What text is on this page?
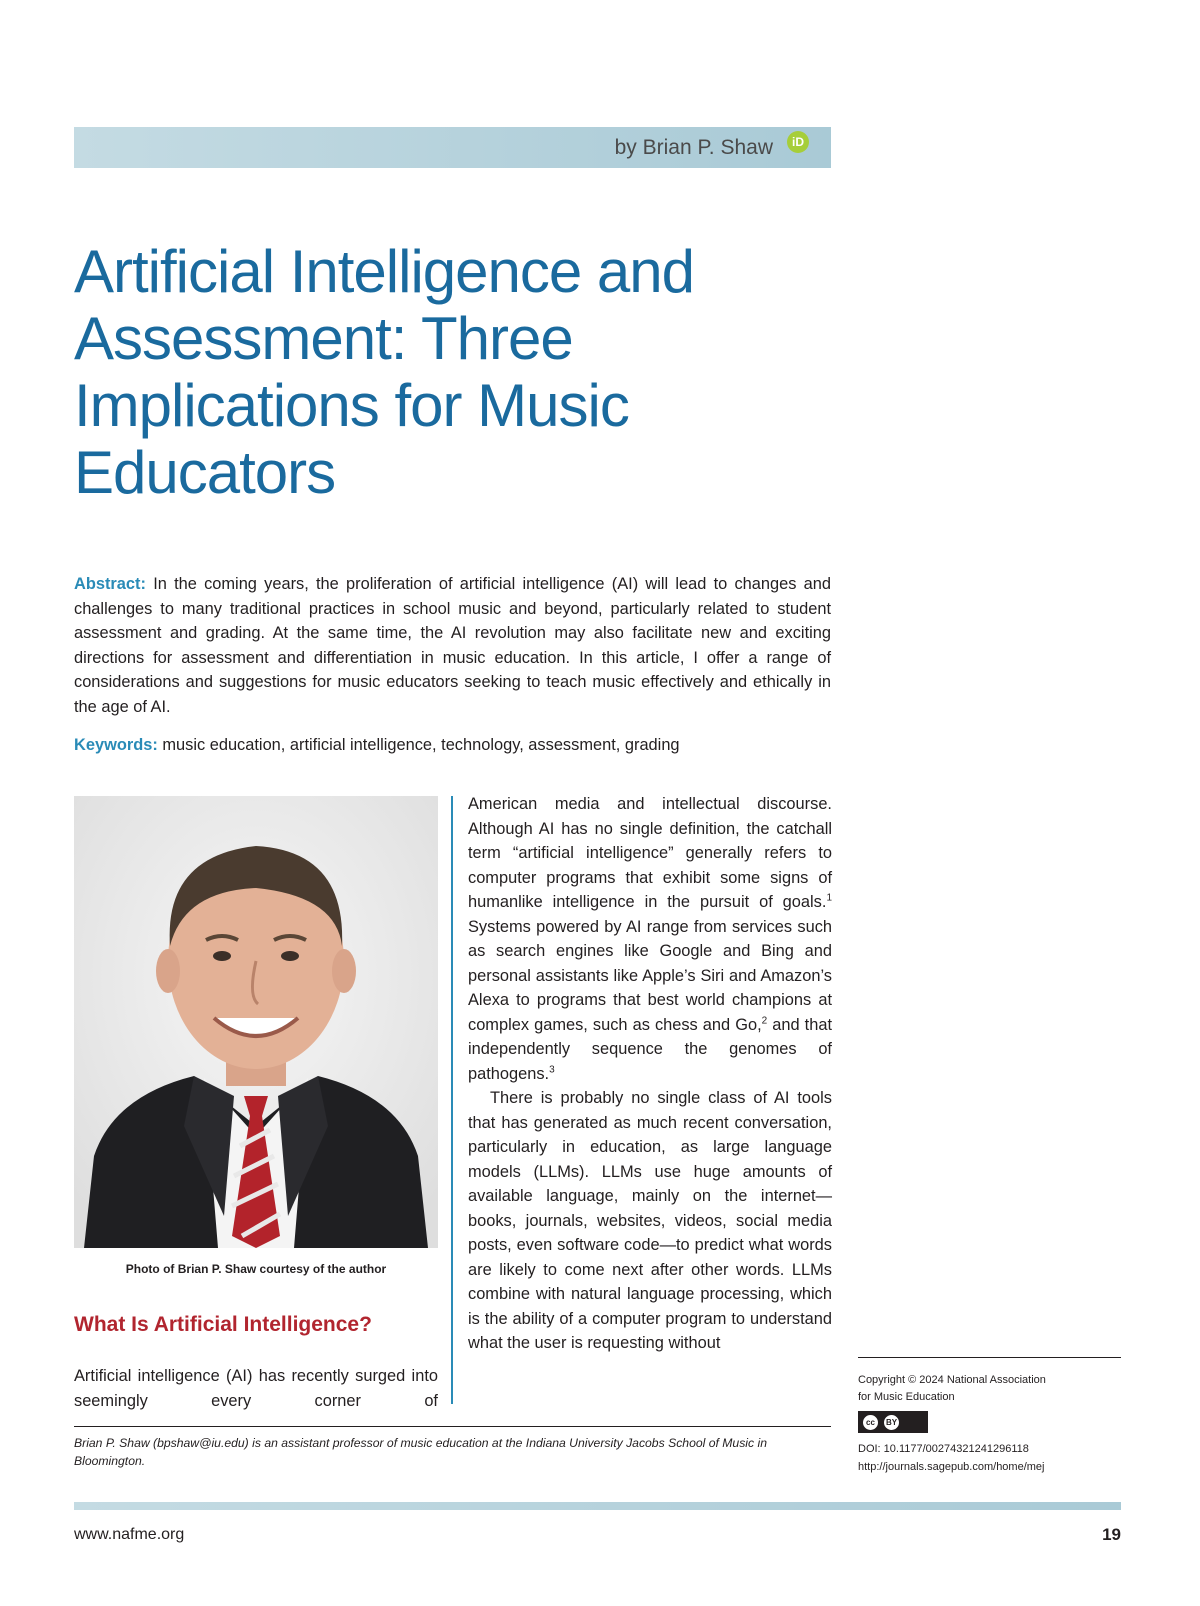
by Brian P. Shaw	iD
Artificial Intelligence and Assessment: Three Implications for Music Educators

Abstract: In the coming years, the proliferation of artificial intelligence (AI) will lead to changes and challenges to many traditional practices in school music and beyond, particularly related to student assessment and grading. At the same time, the AI revolution may also facilitate new and exciting directions for assessment and differentiation in music education. In this article, I offer a range of considerations and suggestions for music educators seeking to teach music effectively and ethically in the age of AI.

Keywords: music education, artificial intelligence, technology, assessment, grading

Photo of Brian P. Shaw courtesy of the author
What Is Artificial Intelligence?

Artificial intelligence (AI) has recently surged into seemingly every corner of

American media and intellectual discourse. Although AI has no single definition, the catchall term “artificial intelligence” generally refers to computer programs that exhibit some signs of humanlike intelligence in the pursuit of goals.$^1$ Systems powered by AI range from services such as search engines like Google and Bing and personal assistants like Apple’s Siri and Amazon’s Alexa to programs that best world champions at complex games, such as chess and Go,$^2$ and that independently sequence the genomes of pathogens.$^3$

There is probably no single class of AI tools that has generated as much recent conversation, particularly in education, as large language models (LLMs). LLMs use huge amounts of available language, mainly on the internet—books, journals, websites, videos, social media posts, even software code—to predict what words are likely to come next after other words. LLMs combine with natural language processing, which is the ability of a computer program to understand what the user is requesting without

Brian P. Shaw (bpshaw@iu.edu) is an assistant professor of music education at the Indiana University Jacobs School of Music in Bloomington.

Copyright © 2024 National Association
for Music Education
cc	BY
DOI: 10.1177/00274321241296118
http://journals.sagepub.com/home/mej
www.nafme.org	19
